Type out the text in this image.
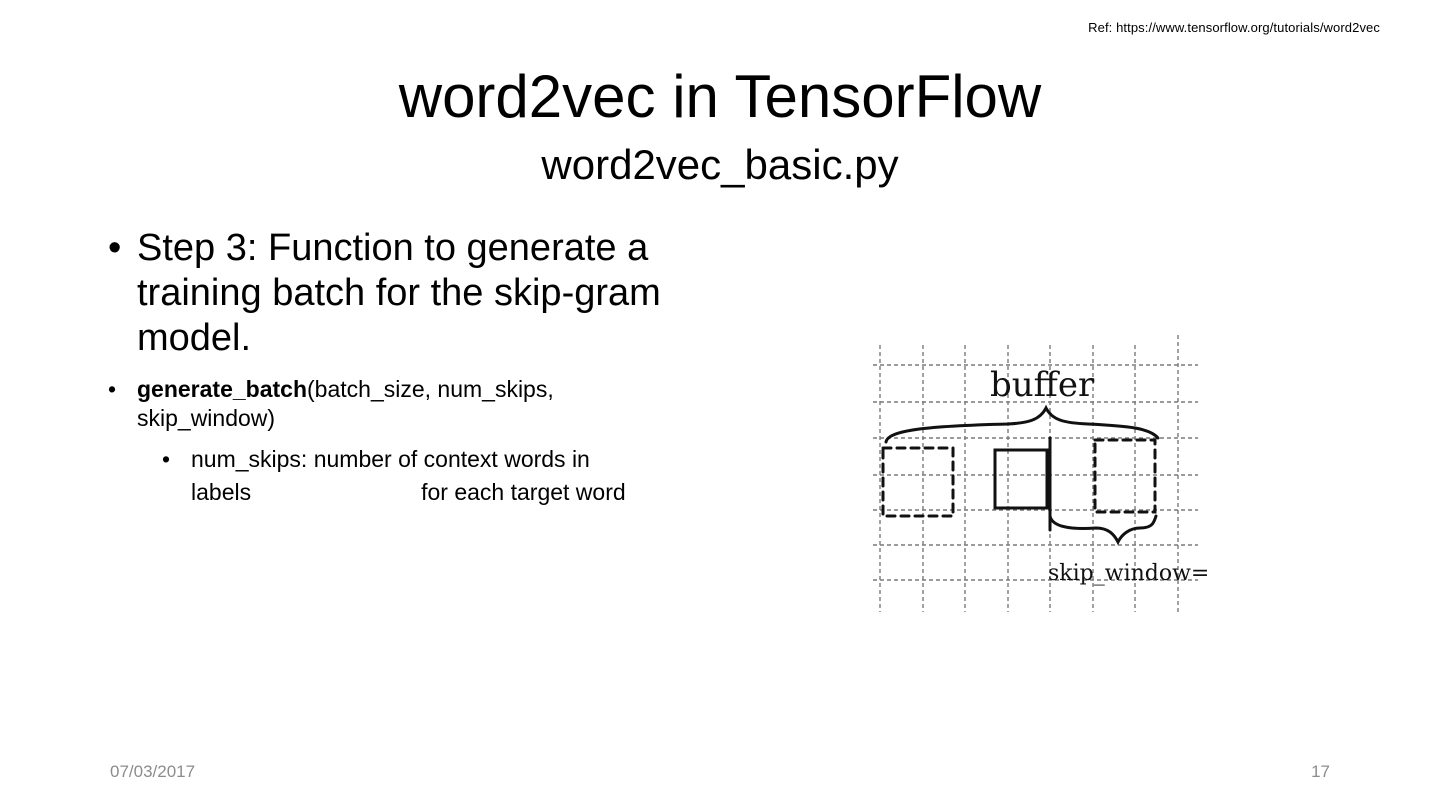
Ref: https://www.tensorflow.org/tutorials/word2vec
word2vec in TensorFlow
word2vec_basic.py
• Step 3: Function to generate a training batch for the skip-gram model.
• generate_batch(batch_size, num_skips, skip_window)
• num_skips: number of context words in
labels	for each target word
buffer
skip_window=2
07/03/2017	17
